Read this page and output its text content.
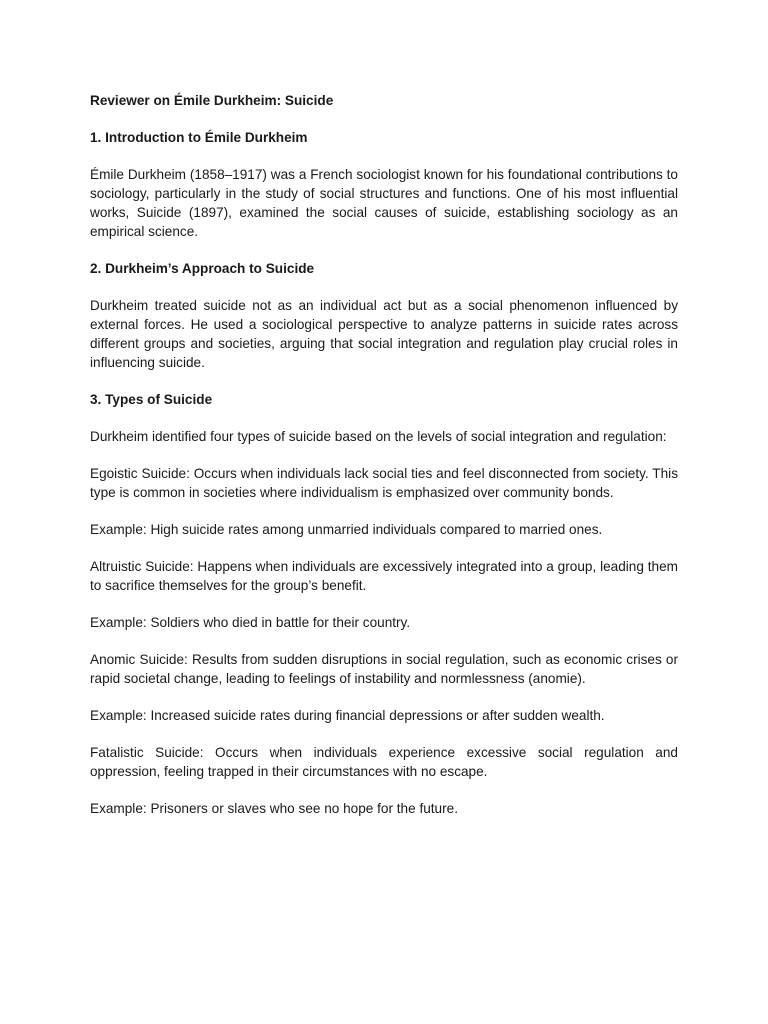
Reviewer on Émile Durkheim: Suicide

1. Introduction to Émile Durkheim

Émile Durkheim (1858–1917) was a French sociologist known for his foundational contributions to sociology, particularly in the study of social structures and functions. One of his most influential works, Suicide (1897), examined the social causes of suicide, establishing sociology as an empirical science.

2. Durkheim’s Approach to Suicide

Durkheim treated suicide not as an individual act but as a social phenomenon influenced by external forces. He used a sociological perspective to analyze patterns in suicide rates across different groups and societies, arguing that social integration and regulation play crucial roles in influencing suicide.

3. Types of Suicide

Durkheim identified four types of suicide based on the levels of social integration and regulation:

Egoistic Suicide: Occurs when individuals lack social ties and feel disconnected from society. This type is common in societies where individualism is emphasized over community bonds.

Example: High suicide rates among unmarried individuals compared to married ones.

Altruistic Suicide: Happens when individuals are excessively integrated into a group, leading them to sacrifice themselves for the group’s benefit.

Example: Soldiers who died in battle for their country.

Anomic Suicide: Results from sudden disruptions in social regulation, such as economic crises or rapid societal change, leading to feelings of instability and normlessness (anomie).

Example: Increased suicide rates during financial depressions or after sudden wealth.

Fatalistic Suicide: Occurs when individuals experience excessive social regulation and oppression, feeling trapped in their circumstances with no escape.

Example: Prisoners or slaves who see no hope for the future.
